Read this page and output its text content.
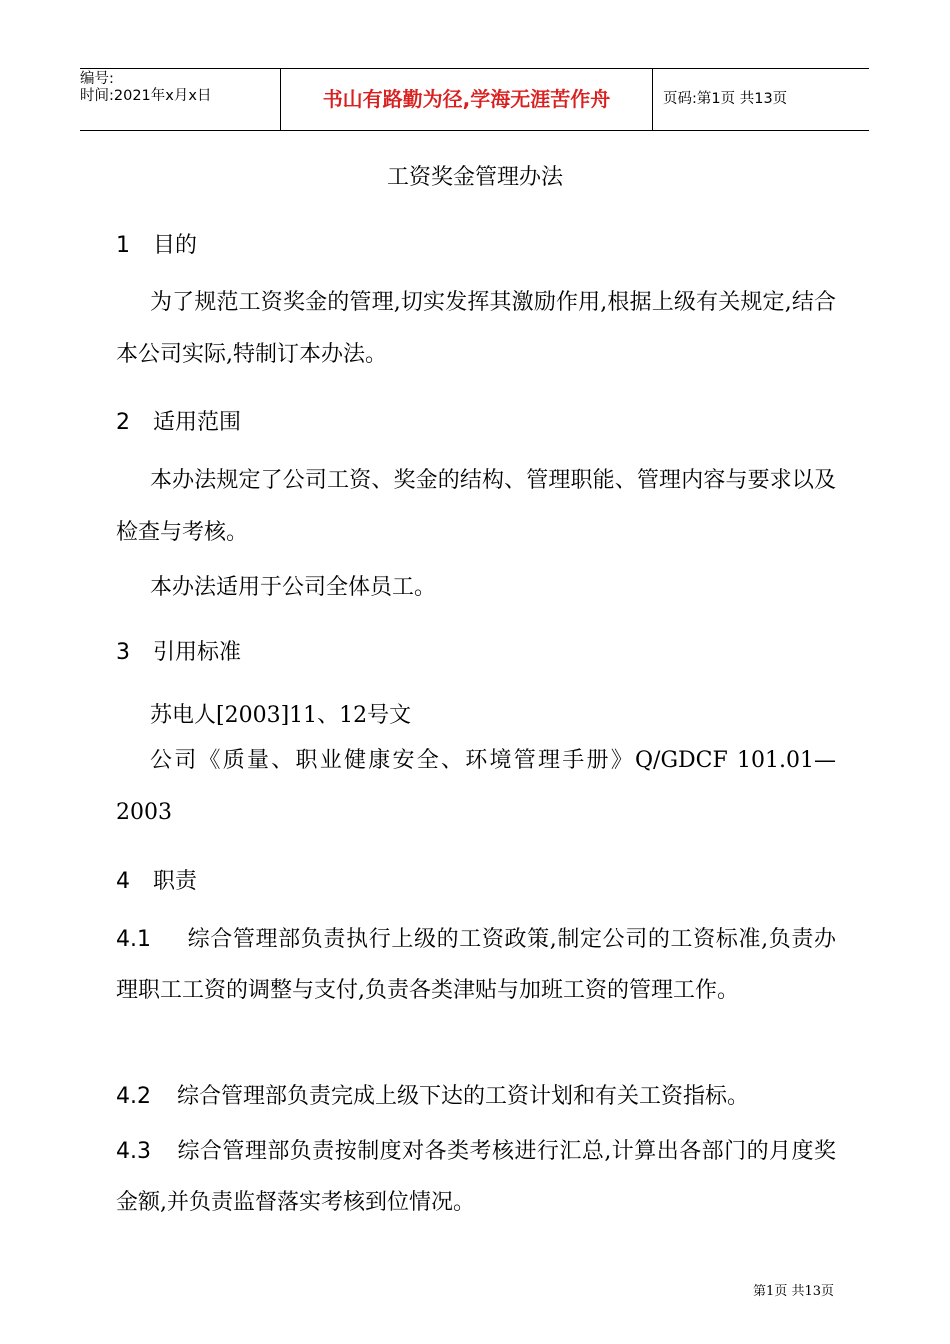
编号:
时间:2021年x月x日	书山有路勤为径,学海无涯苦作舟	页码:第1页 共13页
工资奖金管理办法
1 目的

为了规范工资奖金的管理,切实发挥其激励作用,根据上级有关规定,结合本公司实际,特制订本办法。

2 适用范围

本办法规定了公司工资、奖金的结构、管理职能、管理内容与要求以及检查与考核。

本办法适用于公司全体员工。
3 引用标准
苏电人[2003]11、12号文

公司《质量、职业健康安全、环境管理手册》Q/GDCF 101.01—2003

4 职责

4.1 综合管理部负责执行上级的工资政策,制定公司的工资标准,负责办理职工工资的调整与支付,负责各类津贴与加班工资的管理工作。

4.2 综合管理部负责完成上级下达的工资计划和有关工资指标。

4.3 综合管理部负责按制度对各类考核进行汇总,计算出各部门的月度奖金额,并负责监督落实考核到位情况。

第1页 共13页
